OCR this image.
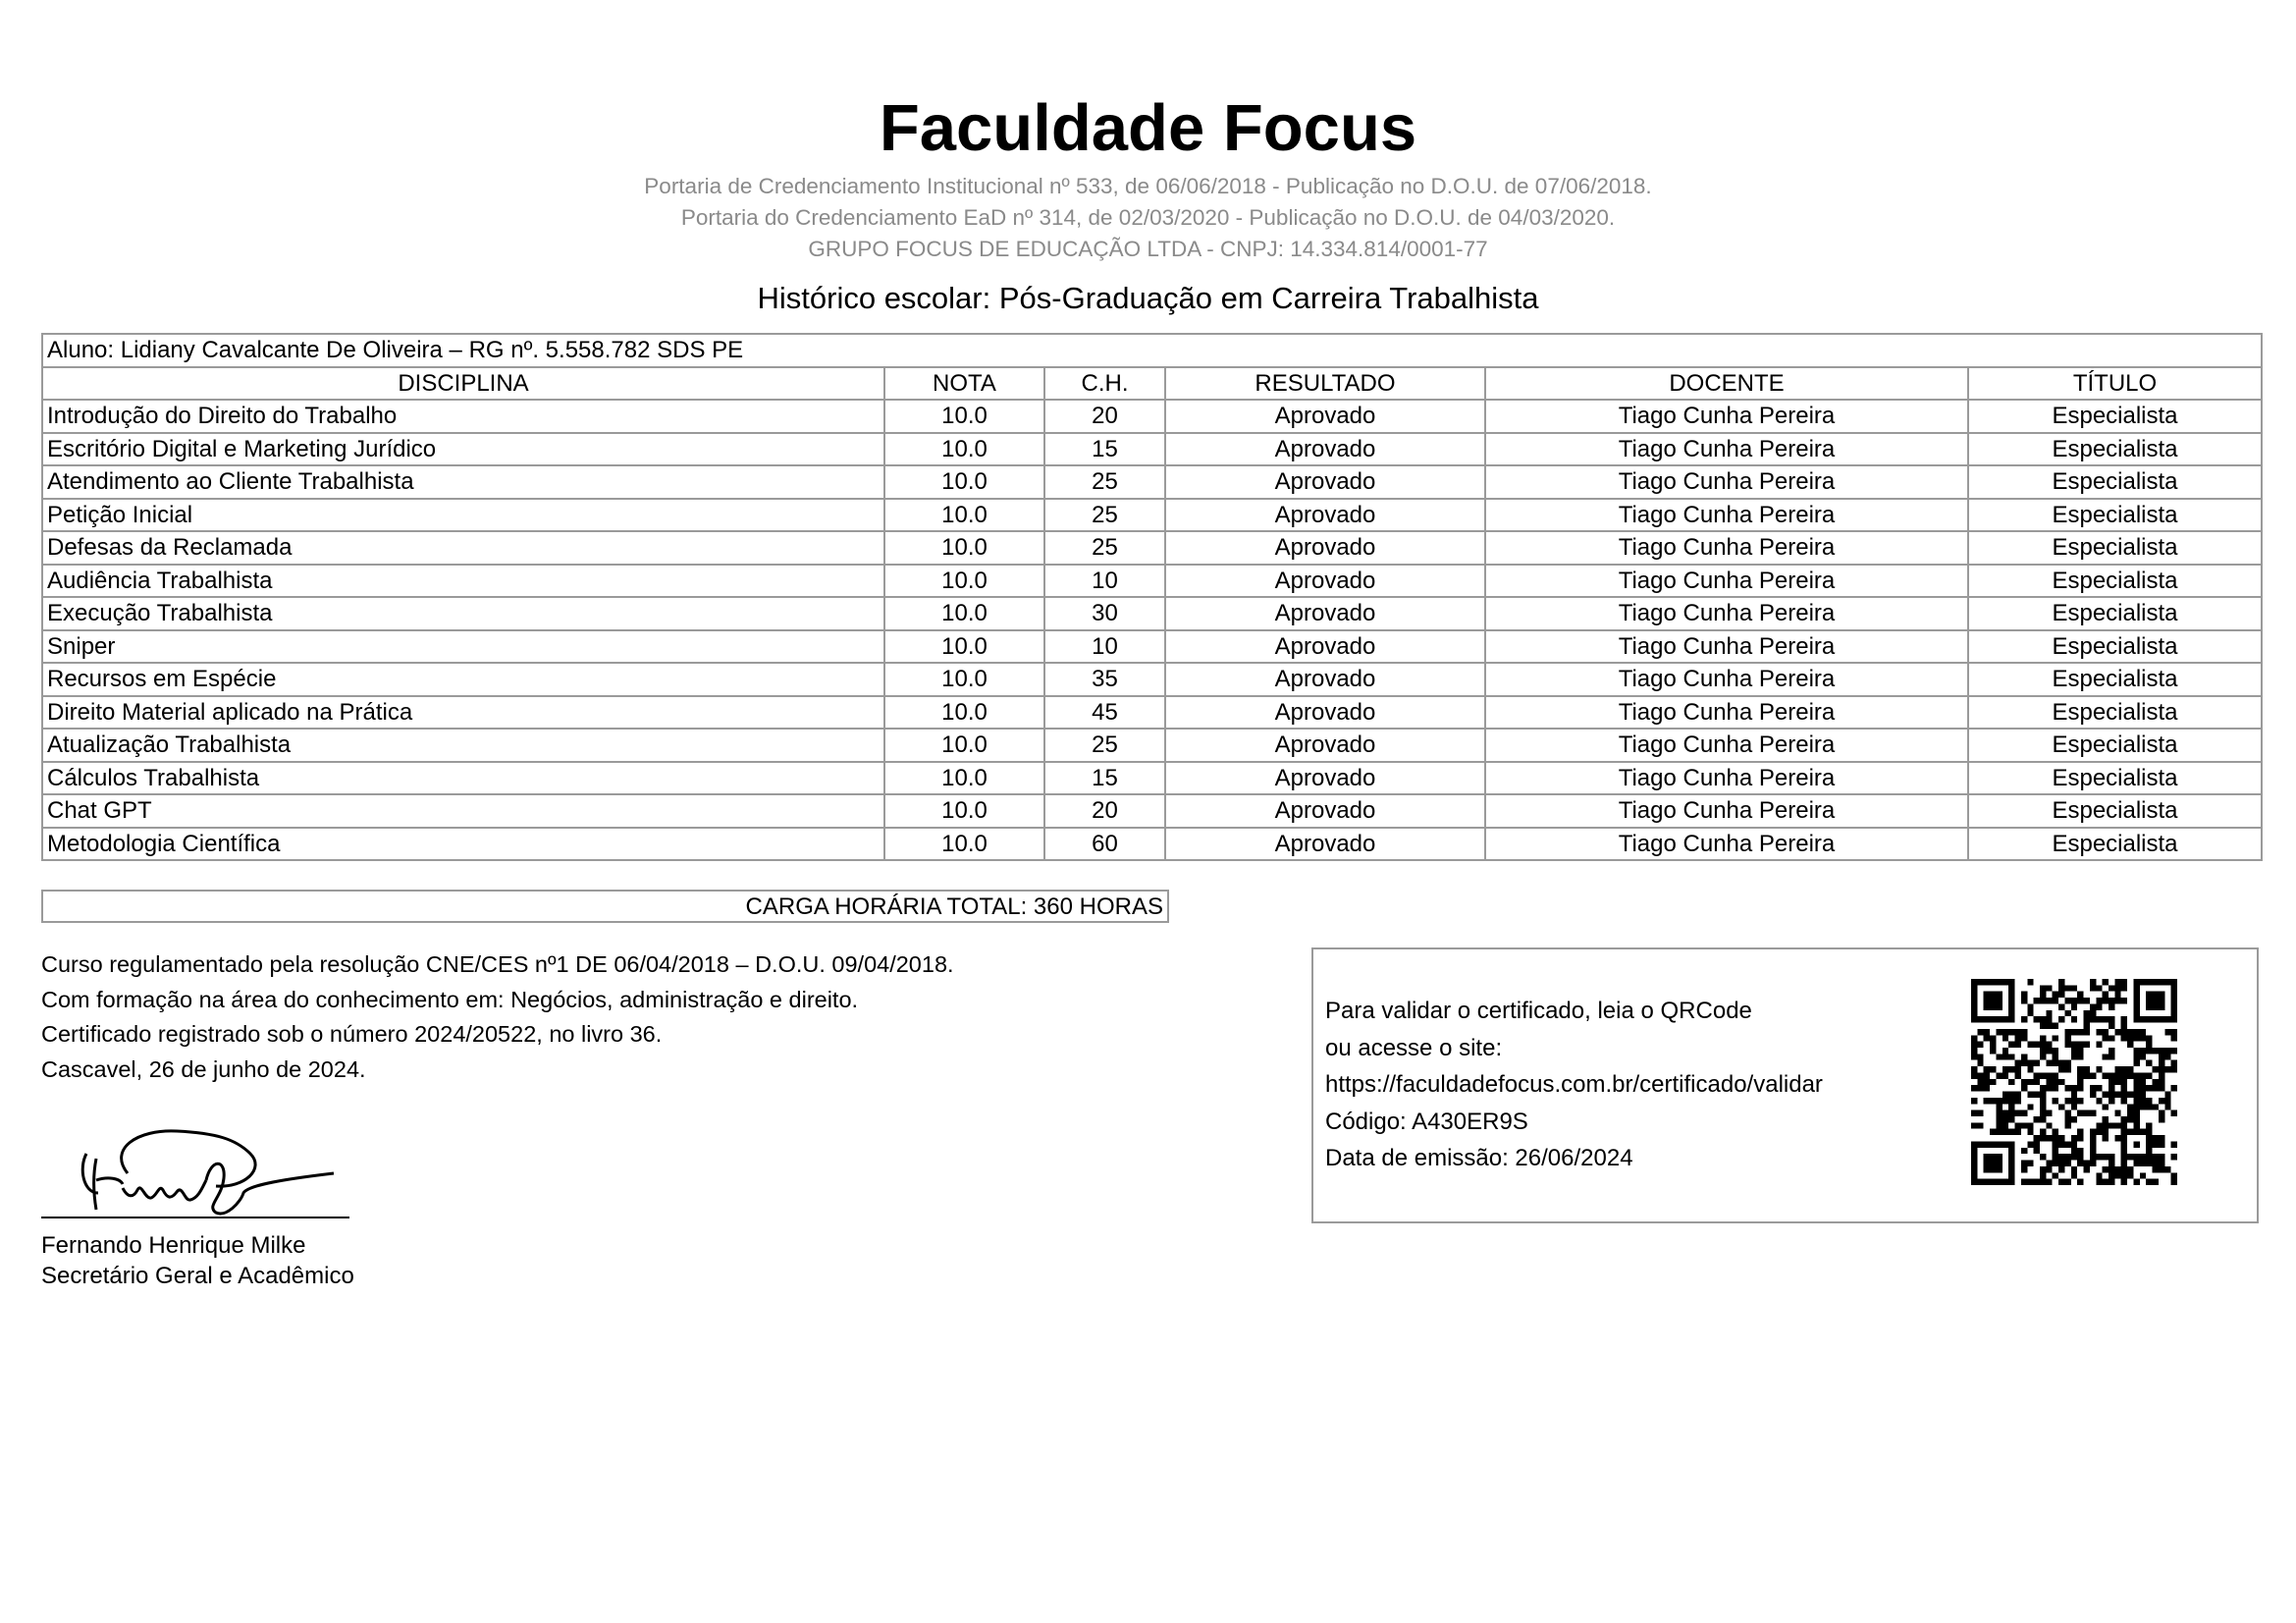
Faculdade Focus
Portaria de Credenciamento Institucional nº 533, de 06/06/2018 - Publicação no D.O.U. de 07/06/2018.
Portaria do Credenciamento EaD nº 314, de 02/03/2020 - Publicação no D.O.U. de 04/03/2020.
GRUPO FOCUS DE EDUCAÇÃO LTDA - CNPJ: 14.334.814/0001-77
Histórico escolar: Pós-Graduação em Carreira Trabalhista
Aluno: Lidiany Cavalcante De Oliveira – RG nº. 5.558.782 SDS PE					
DISCIPLINA	NOTA	C.H.	RESULTADO	DOCENTE	TÍTULO
Introdução do Direito do Trabalho	10.0	20	Aprovado	Tiago Cunha Pereira	Especialista
Escritório Digital e Marketing Jurídico	10.0	15	Aprovado	Tiago Cunha Pereira	Especialista
Atendimento ao Cliente Trabalhista	10.0	25	Aprovado	Tiago Cunha Pereira	Especialista
Petição Inicial	10.0	25	Aprovado	Tiago Cunha Pereira	Especialista
Defesas da Reclamada	10.0	25	Aprovado	Tiago Cunha Pereira	Especialista
Audiência Trabalhista	10.0	10	Aprovado	Tiago Cunha Pereira	Especialista
Execução Trabalhista	10.0	30	Aprovado	Tiago Cunha Pereira	Especialista
Sniper	10.0	10	Aprovado	Tiago Cunha Pereira	Especialista
Recursos em Espécie	10.0	35	Aprovado	Tiago Cunha Pereira	Especialista
Direito Material aplicado na Prática	10.0	45	Aprovado	Tiago Cunha Pereira	Especialista
Atualização Trabalhista	10.0	25	Aprovado	Tiago Cunha Pereira	Especialista
Cálculos Trabalhista	10.0	15	Aprovado	Tiago Cunha Pereira	Especialista
Chat GPT	10.0	20	Aprovado	Tiago Cunha Pereira	Especialista
Metodologia Científica	10.0	60	Aprovado	Tiago Cunha Pereira	Especialista
CARGA HORÁRIA TOTAL: 360 HORAS
Curso regulamentado pela resolução CNE/CES nº1 DE 06/04/2018 – D.O.U. 09/04/2018.
Com formação na área do conhecimento em: Negócios, administração e direito.
Certificado registrado sob o número 2024/20522, no livro 36.
Cascavel, 26 de junho de 2024.
Fernando Henrique Milke
Secretário Geral e Acadêmico
Para validar o certificado, leia o QRCode
ou acesse o site:
https://faculdadefocus.com.br/certificado/validar
Código: A430ER9S
Data de emissão: 26/06/2024
